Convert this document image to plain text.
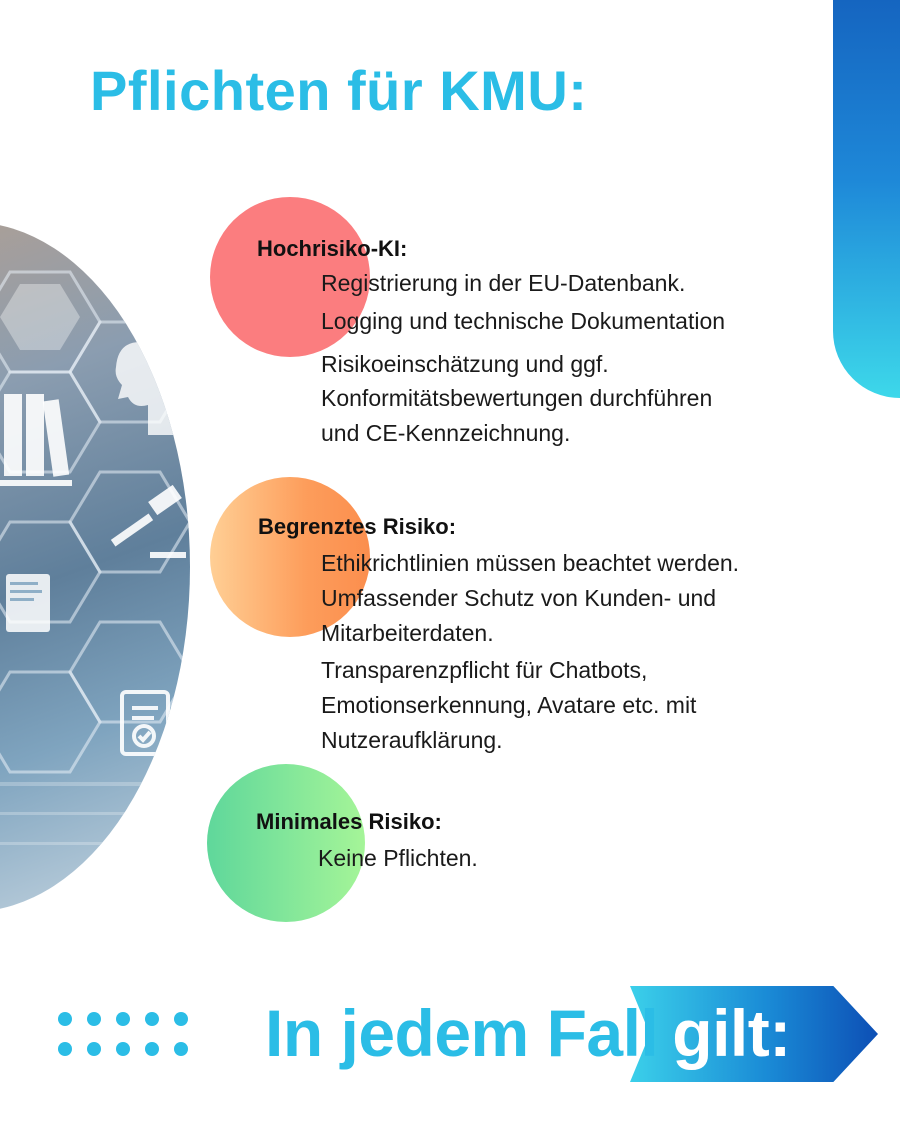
Pflichten für KMU:
Hochrisiko-KI:
Registrierung in der EU-Datenbank.
Logging und technische Dokumentation
Risikoeinschätzung und ggf.
Konformitätsbewertungen durchführen
und CE-Kennzeichnung.
Begrenztes Risiko:
Ethikrichtlinien müssen beachtet werden.
Umfassender Schutz von Kunden- und
Mitarbeiterdaten.
Transparenzpflicht für Chatbots,
Emotionserkennung, Avatare etc. mit
Nutzeraufklärung.
Minimales Risiko:
Keine Pflichten.
In jedem Fall gilt:
